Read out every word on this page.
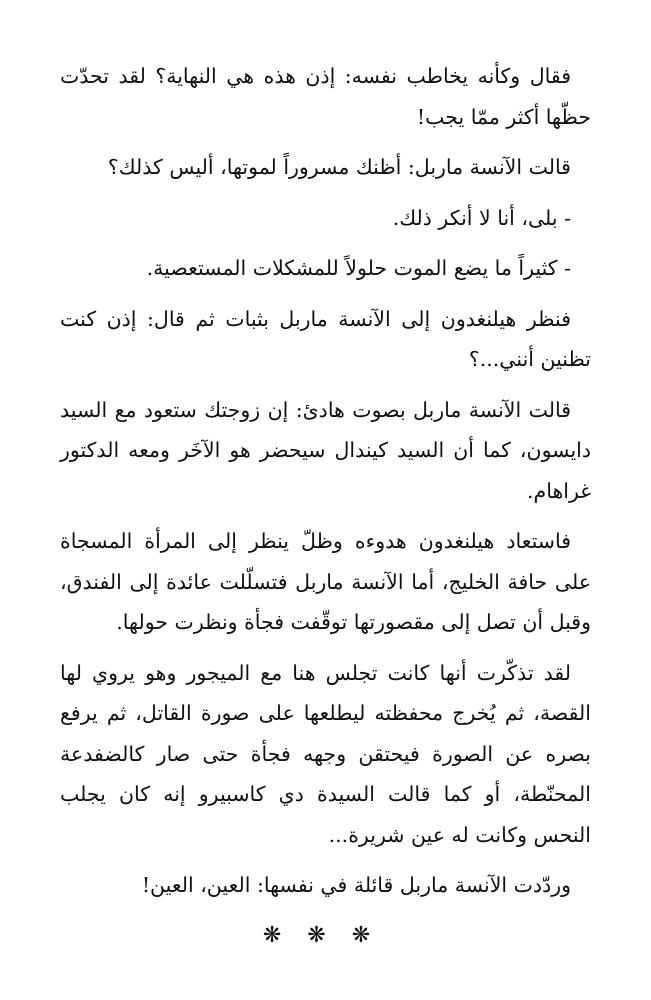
فقال وكأنه يخاطب نفسه: إذن هذه هي النهاية؟ لقد تحدّت حظّها أكثر ممّا يجب!

قالت الآنسة ماربل: أظنك مسروراً لموتها، أليس كذلك؟

- بلى، أنا لا أنكر ذلك.

- كثيراً ما يضع الموت حلولاً للمشكلات المستعصية.

فنظر هيلنغدون إلى الآنسة ماربل بثبات ثم قال: إذن كنت تظنين أنني...؟

قالت الآنسة ماربل بصوت هادئ: إن زوجتك ستعود مع السيد دايسون، كما أن السيد كيندال سيحضر هو الآخَر ومعه الدكتور غراهام.

فاستعاد هيلنغدون هدوءه وظلّ ينظر إلى المرأة المسجاة على حافة الخليج، أما الآنسة ماربل فتسلّلت عائدة إلى الفندق، وقبل أن تصل إلى مقصورتها توقّفت فجأة ونظرت حولها.

لقد تذكّرت أنها كانت تجلس هنا مع الميجور وهو يروي لها القصة، ثم يُخرج محفظته ليطلعها على صورة القاتل، ثم يرفع بصره عن الصورة فيحتقن وجهه فجأة حتى صار كالضفدعة المحنّطة، أو كما قالت السيدة دي كاسبيرو إنه كان يجلب النحس وكانت له عين شريرة...

وردّدت الآنسة ماربل قائلة في نفسها: العين، العين!

❋❋❋
